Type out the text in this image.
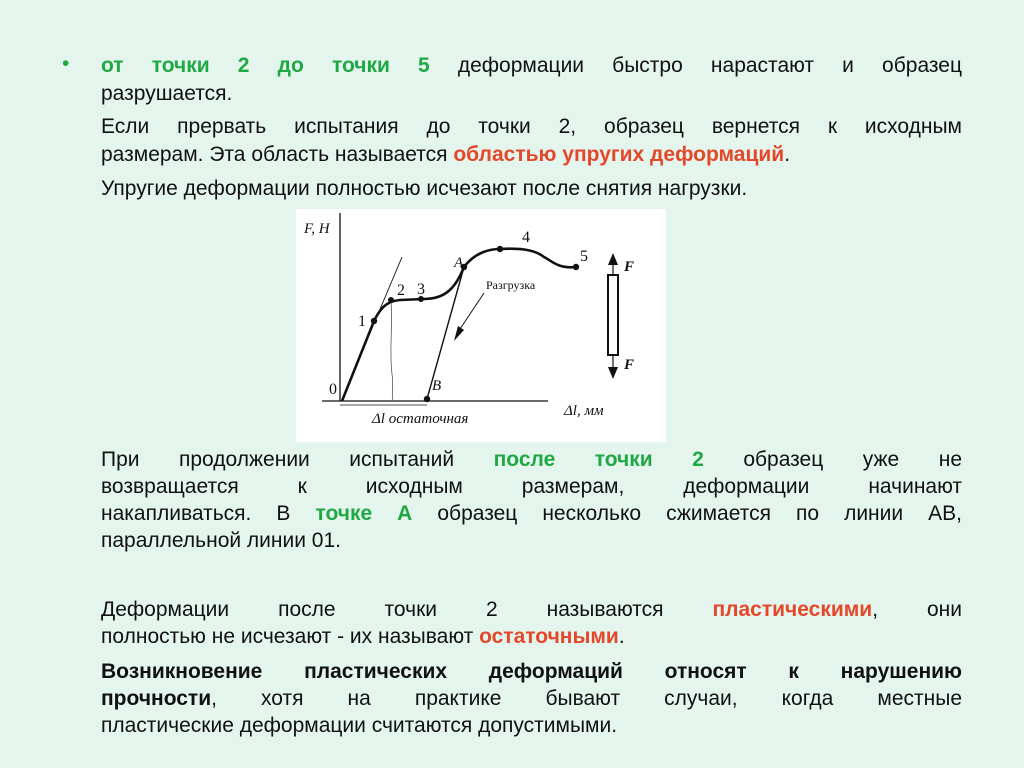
• от точки 2 до точки 5 деформации быстро нарастают и образец
разрушается.
Если прервать испытания до точки 2, образец вернется к исходным
размерам. Эта область называется областью упругих деформаций.
Упругие деформации полностью исчезают после снятия нагрузки.
F, Н
Δl, мм
0
1
2 3
A
4
5
B
Разгрузка
Δl остаточная
F
F
При продолжении испытаний после точки 2 образец уже не
возвращается к исходным размерам, деформации начинают
накапливаться. В точке А образец несколько сжимается по линии АВ,
параллельной линии 01.
Деформации после точки 2 называются пластическими, они
полностью не исчезают - их называют остаточными.
Возникновение пластических деформаций относят к нарушению
прочности, хотя на практике бывают случаи, когда местные
пластические деформации считаются допустимыми.
